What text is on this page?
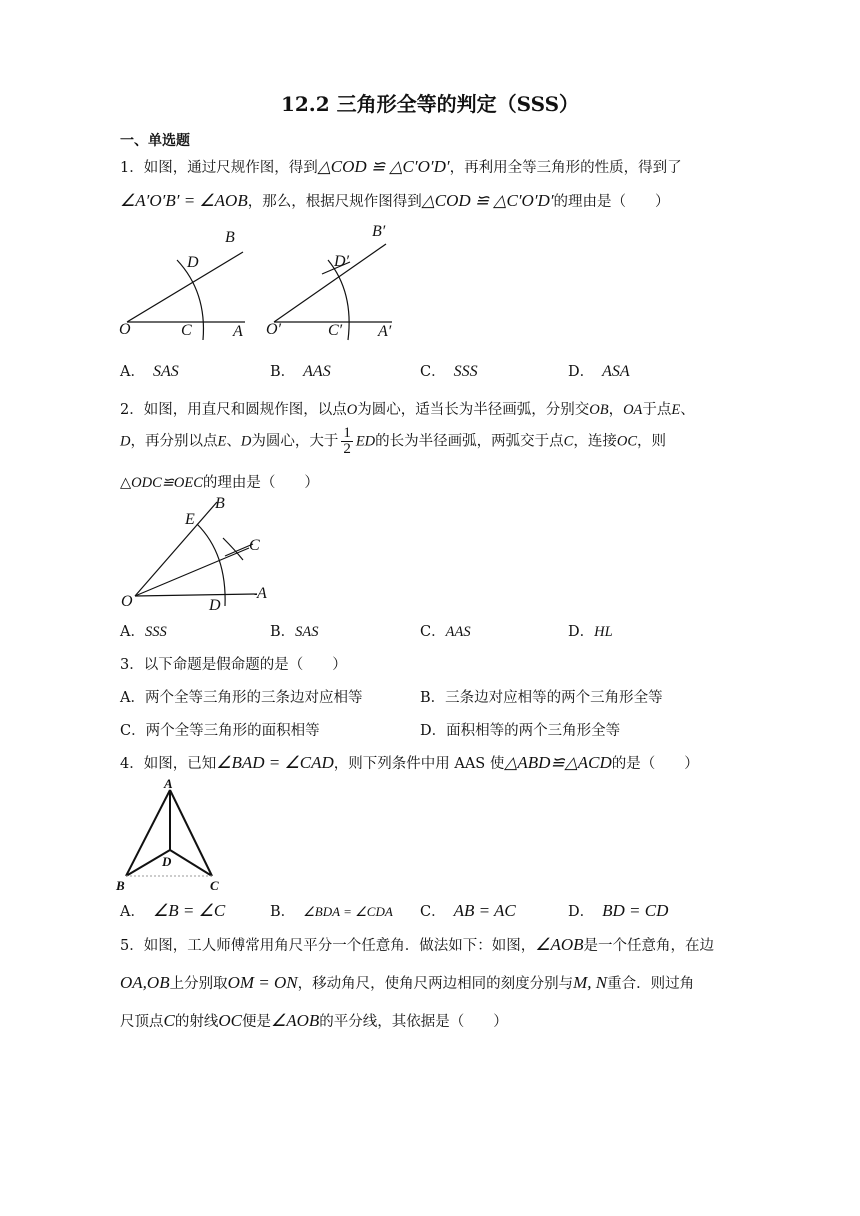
12.2 三角形全等的判定（SSS）
一、单选题
1．如图，通过尺规作图，得到△COD ≌ △C′O′D′，再利用全等三角形的性质，得到了
∠A′O′B′ = ∠AOB，那么，根据尺规作图得到△COD ≌ △C′O′D′的理由是（　　）
O	C	A
D
B
O′	C′ A′
D′
B′
A． SAS	B． AAS	C． SSS	D． ASA
2．如图，用直尺和圆规作图，以点O为圆心，适当长为半径画弧，分别交OB，OA于点E、
D，再分别以点E、D为圆心，大于 $\frac{1}{2}$ ED的长为半径画弧，两弧交于点C，连接OC，则
△ODC≌OEC的理由是（　　）
O	D
A
E
B
C
A．SSS	B．SAS	C．AAS	D．HL
3．以下命题是假命题的是（　　）
A．两个全等三角形的三条边对应相等	B．三条边对应相等的两个三角形全等
C．两个全等三角形的面积相等	D．面积相等的两个三角形全等
4．如图，已知∠BAD = ∠CAD，则下列条件中用 AAS 使△ABD≌△ACD的是（　　）
A
B	C
D
A． ∠B = ∠C	B． ∠BDA = ∠CDA C． AB = AC	D． BD = CD
5．如图，工人师傅常用角尺平分一个任意角．做法如下：如图，∠AOB是一个任意角，在边
OA,OB上分别取OM = ON，移动角尺，使角尺两边相同的刻度分别与M, N重合．则过角
尺顶点C的射线OC便是∠AOB的平分线，其依据是（　　）
